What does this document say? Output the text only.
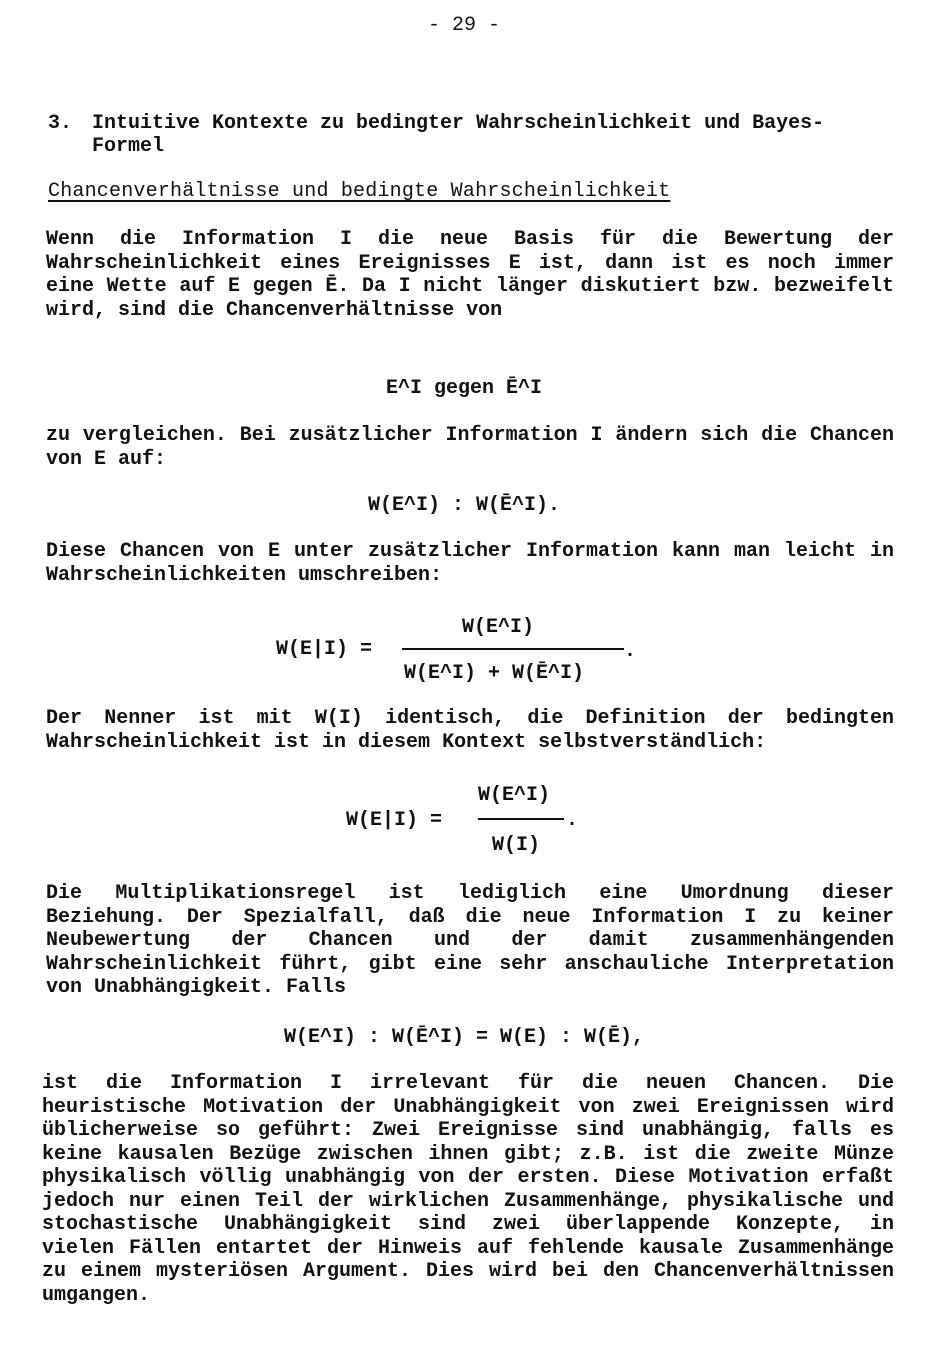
- 29 -
3. Intuitive Kontexte zu bedingter Wahrscheinlichkeit und Bayes-Formel
Chancenverhältnisse und bedingte Wahrscheinlichkeit

Wenn die Information I die neue Basis für die Bewertung der Wahrscheinlichkeit eines Ereignisses E ist, dann ist es noch immer eine Wette auf E gegen Ē. Da I nicht länger diskutiert bzw. bezweifelt wird, sind die Chancenverhältnisse von

E^I gegen Ē^I

zu vergleichen. Bei zusätzlicher Information I ändern sich die Chancen von E auf:

W(E^I) : W(Ē^I).

Diese Chancen von E unter zusätzlicher Information kann man leicht in Wahrscheinlichkeiten umschreiben:

W(E|I) =
W(E^I)
W(E^I) + W(Ē^I)
.

Der Nenner ist mit W(I) identisch, die Definition der bedingten Wahrscheinlichkeit ist in diesem Kontext selbstverständlich:

W(E|I) =
W(E^I)
W(I)
.

Die Multiplikationsregel ist lediglich eine Umordnung dieser Beziehung. Der Spezialfall, daß die neue Information I zu keiner Neubewertung der Chancen und der damit zusammenhängenden Wahrscheinlichkeit führt, gibt eine sehr anschauliche Interpretation von Unabhängigkeit. Falls

W(E^I) : W(Ē^I) = W(E) : W(Ē),

ist die Information I irrelevant für die neuen Chancen. Die heuristische Motivation der Unabhängigkeit von zwei Ereignissen wird üblicherweise so geführt: Zwei Ereignisse sind unabhängig, falls es keine kausalen Bezüge zwischen ihnen gibt; z.B. ist die zweite Münze physikalisch völlig unabhängig von der ersten. Diese Motivation erfaßt jedoch nur einen Teil der wirklichen Zusammenhänge, physikalische und stochastische Unabhängigkeit sind zwei überlappende Konzepte, in vielen Fällen entartet der Hinweis auf fehlende kausale Zusammenhänge zu einem mysteriösen Argument. Dies wird bei den Chancenverhältnissen umgangen.
